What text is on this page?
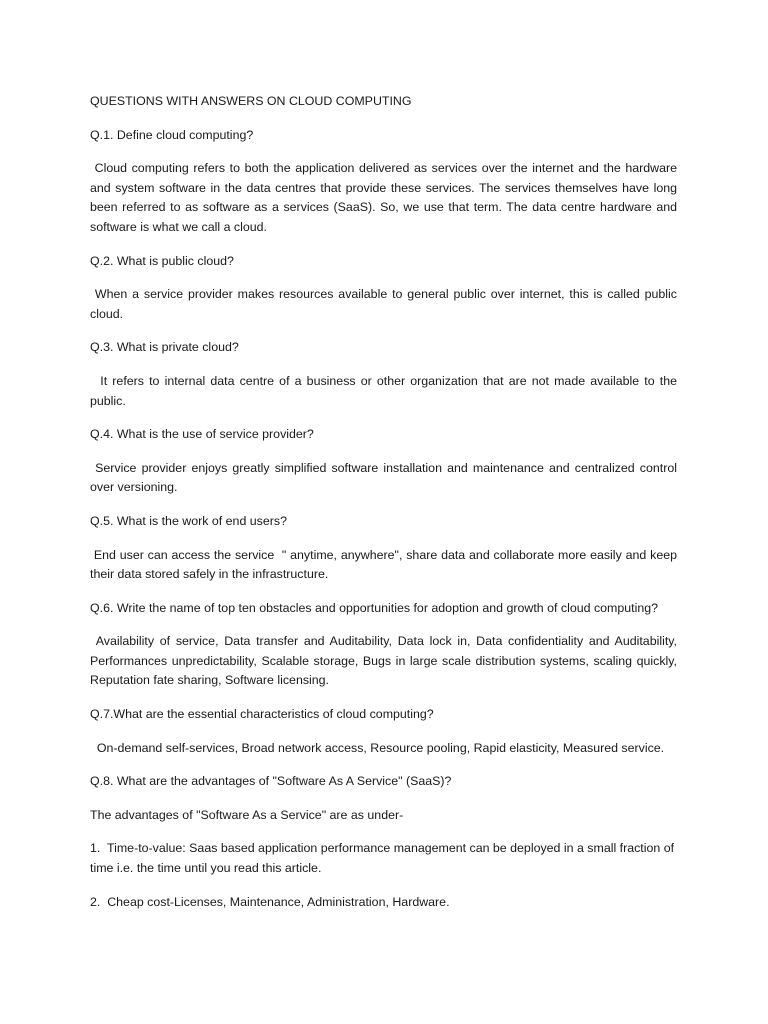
QUESTIONS WITH ANSWERS ON CLOUD COMPUTING

Q.1. Define cloud computing?

Cloud computing refers to both the application delivered as services over the internet and the hardware and system software in the data centres that provide these services. The services themselves have long been referred to as software as a services (SaaS). So, we use that term. The data centre hardware and software is what we call a cloud.

Q.2. What is public cloud?

When a service provider makes resources available to general public over internet, this is called public cloud.

Q.3. What is private cloud?

It refers to internal data centre of a business or other organization that are not made available to the public.

Q.4. What is the use of service provider?

Service provider enjoys greatly simplified software installation and maintenance and centralized control over versioning.

Q.5. What is the work of end users?

End user can access the service  " anytime, anywhere", share data and collaborate more easily and keep their data stored safely in the infrastructure.

Q.6. Write the name of top ten obstacles and opportunities for adoption and growth of cloud computing?

Availability of service, Data transfer and Auditability, Data lock in, Data confidentiality and Auditability, Performances unpredictability, Scalable storage, Bugs in large scale distribution systems, scaling quickly, Reputation fate sharing, Software licensing.

Q.7.What are the essential characteristics of cloud computing?

On-demand self-services, Broad network access, Resource pooling, Rapid elasticity, Measured service.

Q.8. What are the advantages of "Software As A Service" (SaaS)?

The advantages of "Software As a Service" are as under-

1.  Time-to-value: Saas based application performance management can be deployed in a small fraction of time i.e. the time until you read this article.

2.  Cheap cost-Licenses, Maintenance, Administration, Hardware.
